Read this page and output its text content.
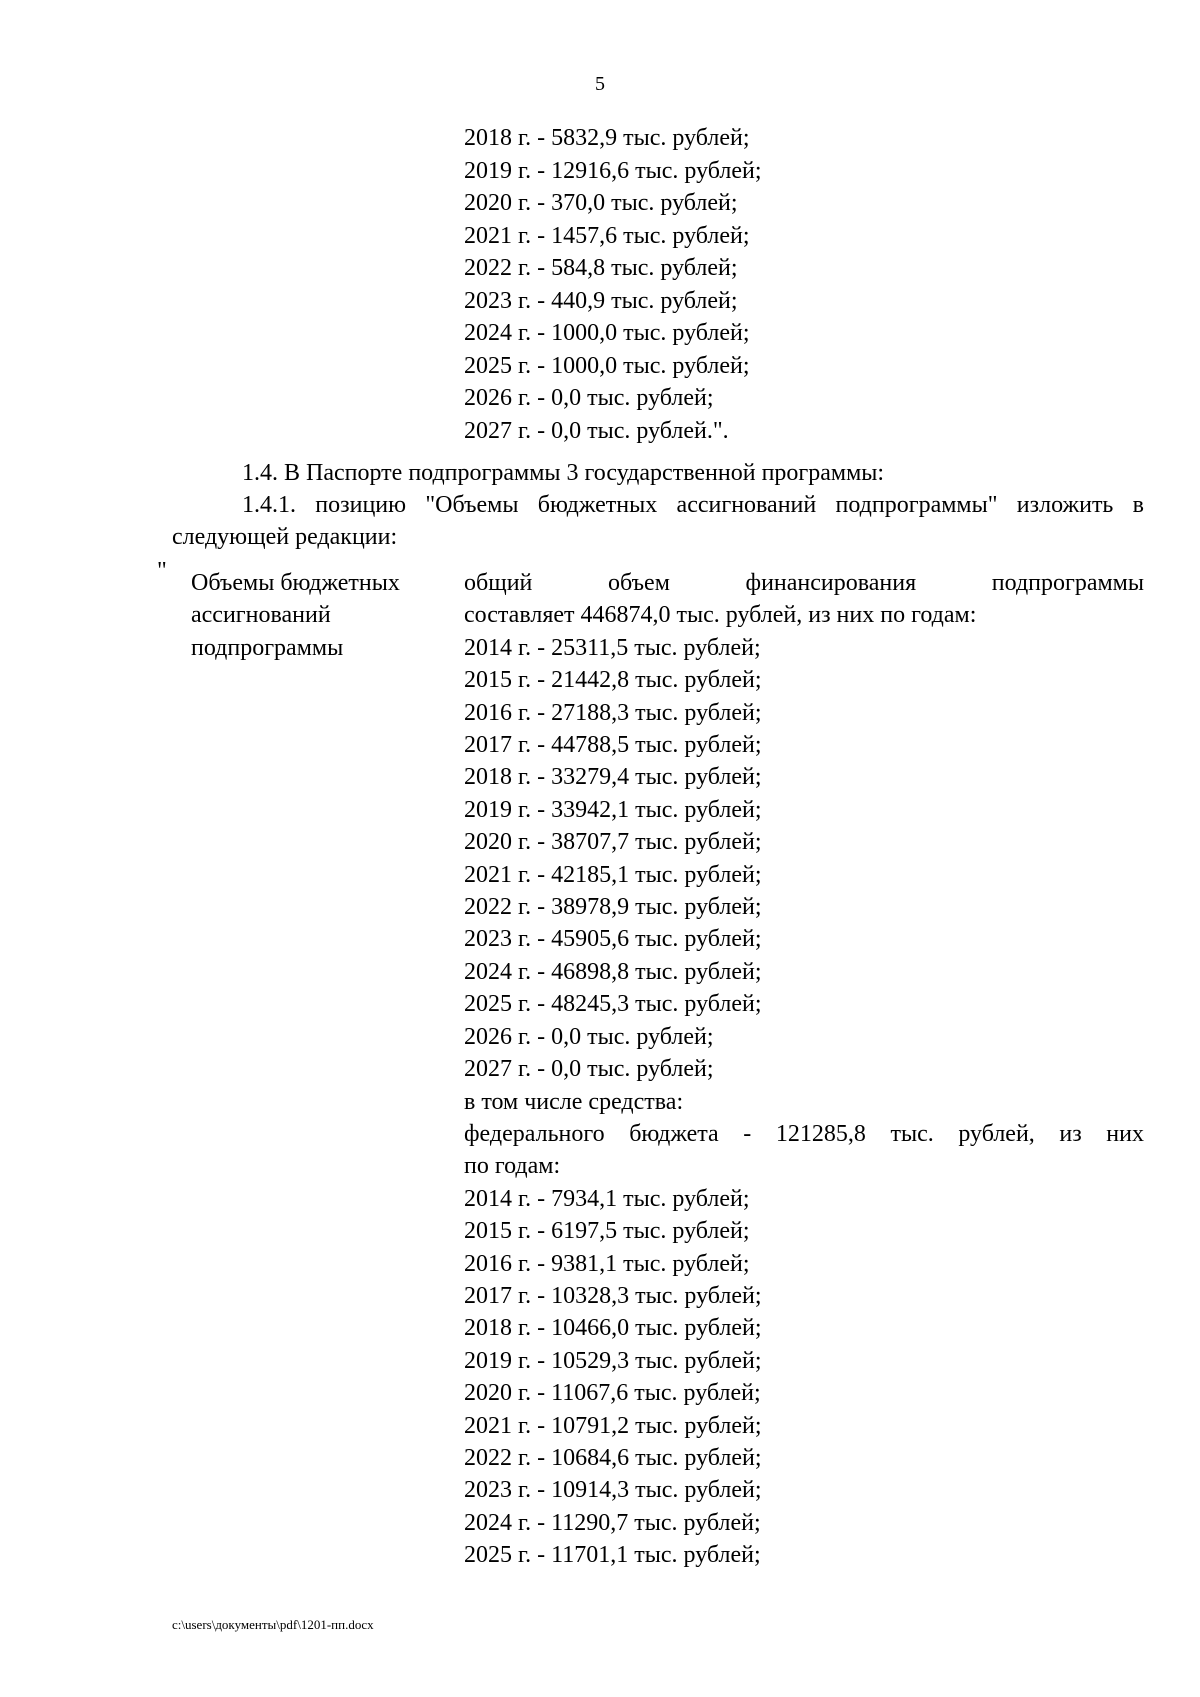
5
2018 г. - 5832,9 тыс. рублей;
2019 г. - 12916,6 тыс. рублей;
2020 г. - 370,0 тыс. рублей;
2021 г. - 1457,6 тыс. рублей;
2022 г. - 584,8 тыс. рублей;
2023 г. - 440,9 тыс. рублей;
2024 г. - 1000,0 тыс. рублей;
2025 г. - 1000,0 тыс. рублей;
2026 г. - 0,0 тыс. рублей;
2027 г. - 0,0 тыс. рублей.".
1.4. В Паспорте подпрограммы 3 государственной программы:
1.4.1. позицию "Объемы бюджетных ассигнований подпрограммы" изложить в следующей редакции:
" Объемы бюджетных
ассигнований
подпрограммы
общий объем финансирования подпрограммы
составляет 446874,0 тыс. рублей, из них по годам:
2014 г. - 25311,5 тыс. рублей;
2015 г. - 21442,8 тыс. рублей;
2016 г. - 27188,3 тыс. рублей;
2017 г. - 44788,5 тыс. рублей;
2018 г. - 33279,4 тыс. рублей;
2019 г. - 33942,1 тыс. рублей;
2020 г. - 38707,7 тыс. рублей;
2021 г. - 42185,1 тыс. рублей;
2022 г. - 38978,9 тыс. рублей;
2023 г. - 45905,6 тыс. рублей;
2024 г. - 46898,8 тыс. рублей;
2025 г. - 48245,3 тыс. рублей;
2026 г. - 0,0 тыс. рублей;
2027 г. - 0,0 тыс. рублей;
в том числе средства:
федерального бюджета - 121285,8 тыс. рублей, из них
по годам:
2014 г. - 7934,1 тыс. рублей;
2015 г. - 6197,5 тыс. рублей;
2016 г. - 9381,1 тыс. рублей;
2017 г. - 10328,3 тыс. рублей;
2018 г. - 10466,0 тыс. рублей;
2019 г. - 10529,3 тыс. рублей;
2020 г. - 11067,6 тыс. рублей;
2021 г. - 10791,2 тыс. рублей;
2022 г. - 10684,6 тыс. рублей;
2023 г. - 10914,3 тыс. рублей;
2024 г. - 11290,7 тыс. рублей;
2025 г. - 11701,1 тыс. рублей;
c:\users\документы\pdf\1201-пп.docx
